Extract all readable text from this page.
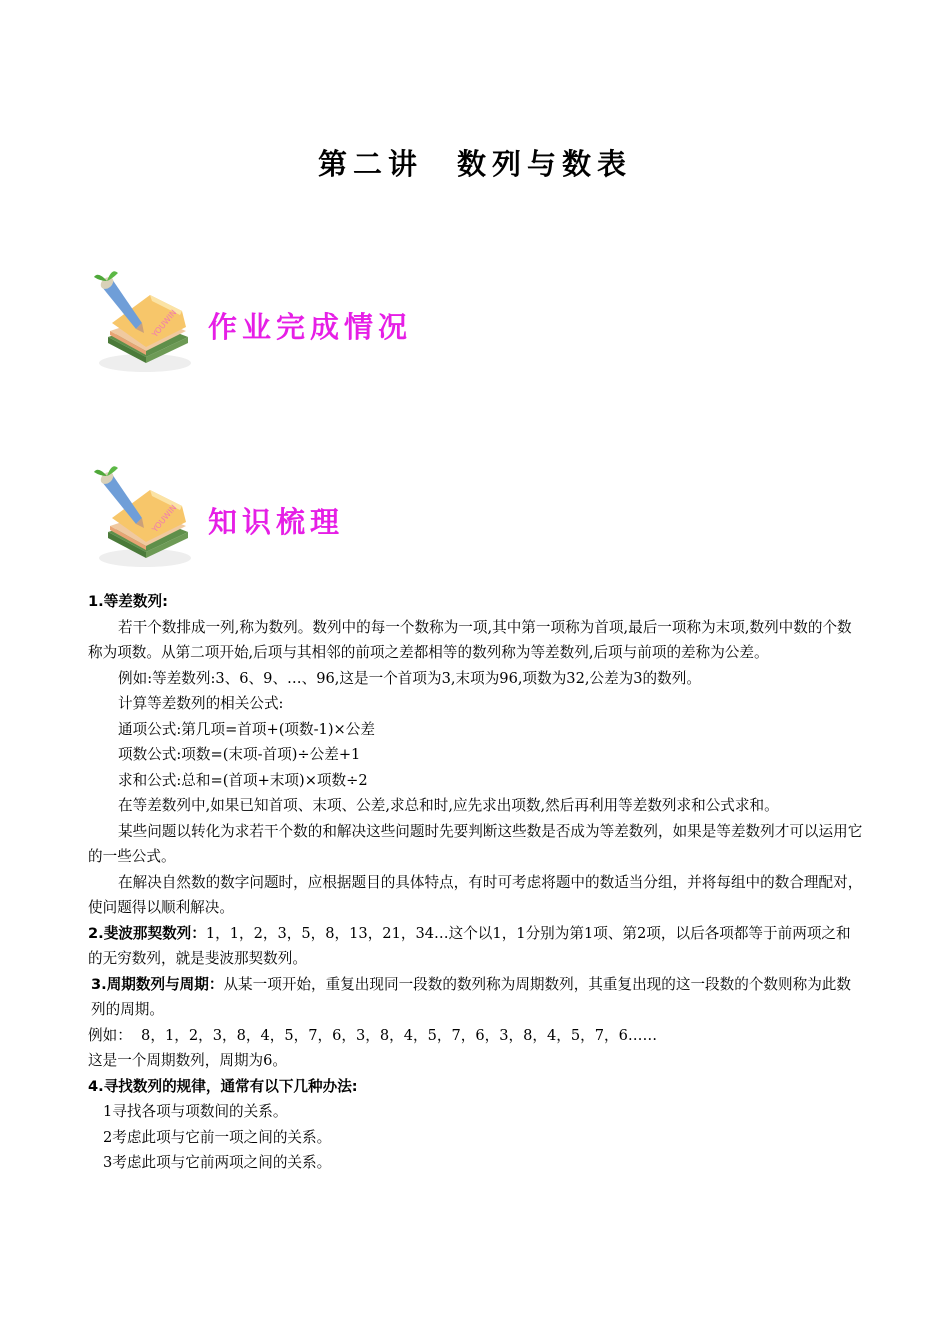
第二讲 数列与数表
作业完成情况
知识梳理

1.等差数列:

若干个数排成一列,称为数列。数列中的每一个数称为一项,其中第一项称为首项,最后一项称为末项,数列中数的个数称为项数。从第二项开始,后项与其相邻的前项之差都相等的数列称为等差数列,后项与前项的差称为公差。

例如:等差数列:3、6、9、…、96,这是一个首项为3,末项为96,项数为32,公差为3的数列。

计算等差数列的相关公式:

通项公式:第几项=首项+(项数-1)×公差

项数公式:项数=(末项-首项)÷公差+1

求和公式:总和=(首项+末项)×项数÷2

在等差数列中,如果已知首项、末项、公差,求总和时,应先求出项数,然后再利用等差数列求和公式求和。

某些问题以转化为求若干个数的和解决这些问题时先要判断这些数是否成为等差数列，如果是等差数列才可以运用它的一些公式。

在解决自然数的数字问题时，应根据题目的具体特点，有时可考虑将题中的数适当分组，并将每组中的数合理配对，使问题得以顺利解决。

2.斐波那契数列：1，1，2，3，5，8，13，21，34…这个以1，1分别为第1项、第2项，以后各项都等于前两项之和的无穷数列，就是斐波那契数列。

3.周期数列与周期：从某一项开始，重复出现同一段数的数列称为周期数列，其重复出现的这一段数的个数则称为此数列的周期。

例如：  8，1，2，3，8，4，5，7，6，3，8，4，5，7，6，3，8，4，5，7，6……

这是一个周期数列，周期为6。

4.寻找数列的规律，通常有以下几种办法:

1寻找各项与项数间的关系。

2考虑此项与它前一项之间的关系。

3考虑此项与它前两项之间的关系。
